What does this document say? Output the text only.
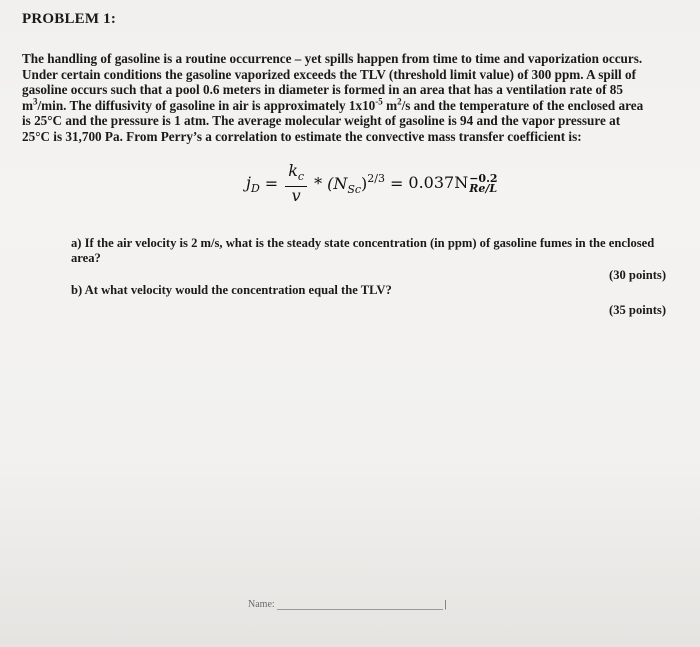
PROBLEM 1:
The handling of gasoline is a routine occurrence – yet spills happen from time to time and vaporization occurs.
Under certain conditions the gasoline vaporized exceeds the TLV (threshold limit value) of 300 ppm. A spill of
gasoline occurs such that a pool 0.6 meters in diameter is formed in an area that has a ventilation rate of 85
$m^3/\min$. The diffusivity of gasoline in air is approximately $1x10^{-5}$ $m^2/s$ and the temperature of the enclosed area
is 25°C and the pressure is 1 atm. The average molecular weight of gasoline is 94 and the vapor pressure at
25°C is 31,700 Pa. From Perry’s a correlation to estimate the convective mass transfer coefficient is:
$j_D = \frac{k_c}{v} * (N_{Sc})^{2/3} = 0.037N -0.2$
Re/L
a) If the air velocity is 2 m/s, what is the steady state concentration (in ppm) of gasoline fumes in the enclosed area?
(30 points)
b) At what velocity would the concentration equal the TLV?
(35 points)
Name:	|
